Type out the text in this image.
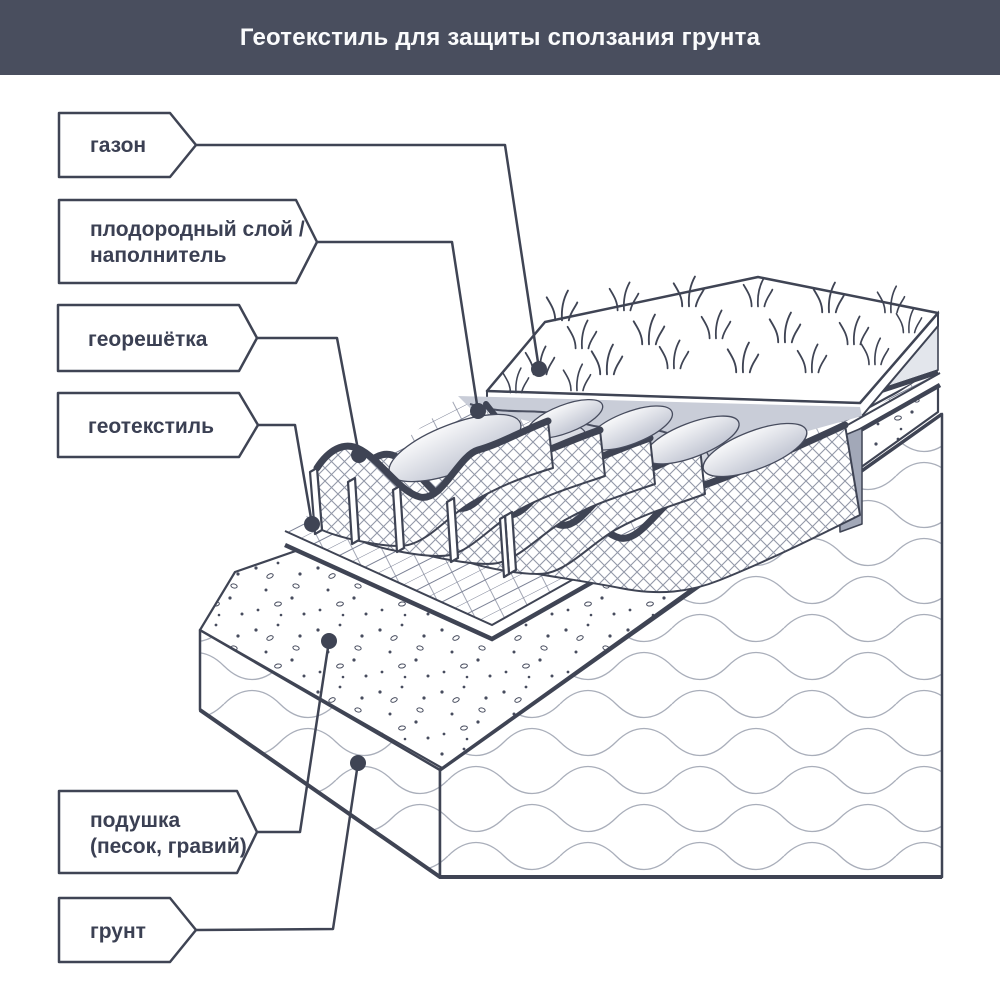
Геотекстиль для защиты сползания грунта
газон
плодородный слой /
наполнитель
георешётка
геотекстиль
подушка
(песок, гравий)
грунт
